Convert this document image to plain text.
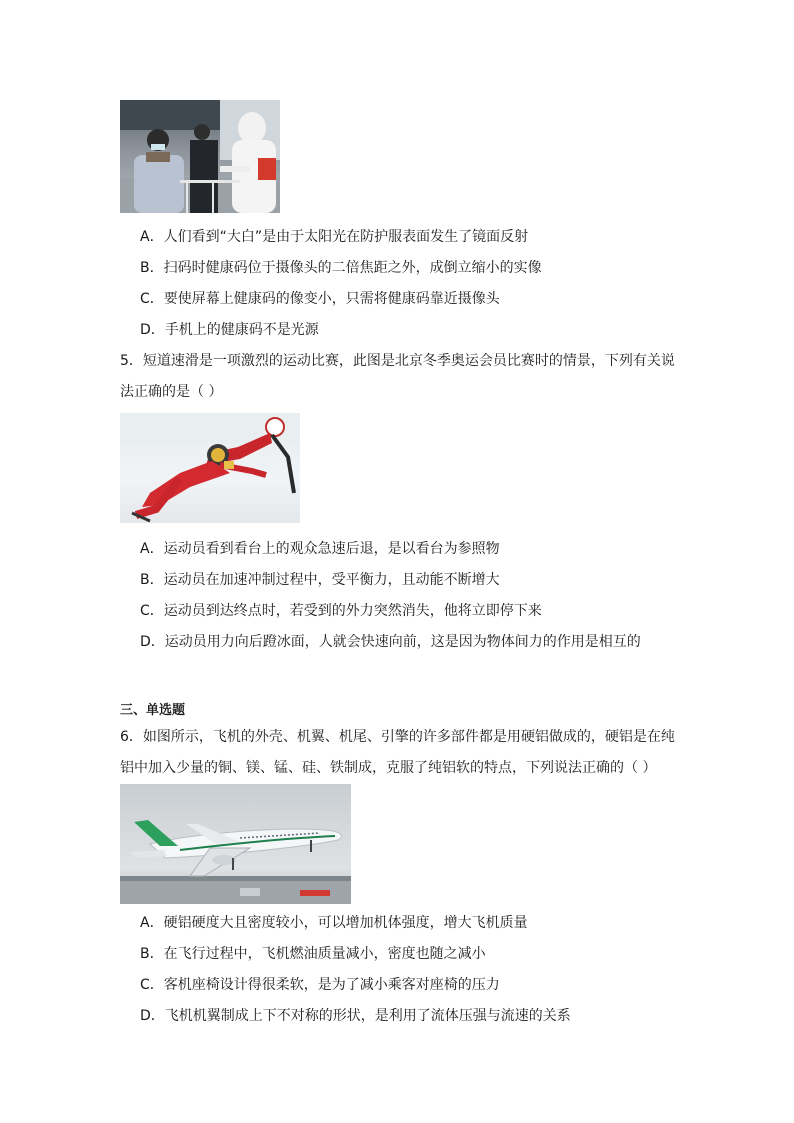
A．人们看到“大白”是由于太阳光在防护服表面发生了镜面反射
B．扫码时健康码位于摄像头的二倍焦距之外，成倒立缩小的实像
C．要使屏幕上健康码的像变小，只需将健康码靠近摄像头
D．手机上的健康码不是光源
5．短道速滑是一项激烈的运动比赛，此图是北京冬季奥运会员比赛时的情景，下列有关说
法正确的是（ ）
A．运动员看到看台上的观众急速后退，是以看台为参照物
B．运动员在加速冲制过程中，受平衡力，且动能不断增大
C．运动员到达终点时，若受到的外力突然消失，他将立即停下来
D．运动员用力向后蹬冰面，人就会快速向前，这是因为物体间力的作用是相互的
三、单选题
6．如图所示，飞机的外壳、机翼、机尾、引擎的许多部件都是用硬铝做成的，硬铝是在纯
铝中加入少量的铜、镁、锰、硅、铁制成，克服了纯铝软的特点，下列说法正确的（ ）
A．硬铝硬度大且密度较小，可以增加机体强度，增大飞机质量
B．在飞行过程中，飞机燃油质量减小，密度也随之减小
C．客机座椅设计得很柔软，是为了减小乘客对座椅的压力
D．飞机机翼制成上下不对称的形状，是利用了流体压强与流速的关系
